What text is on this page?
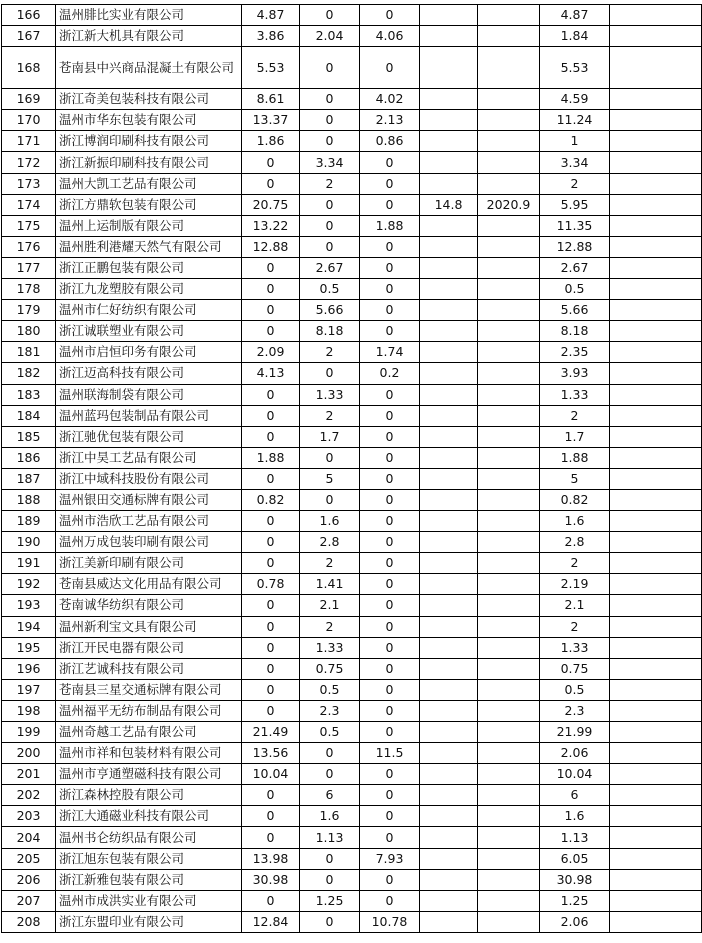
166	温州腓比实业有限公司	4.87	0	0			4.87	
167	浙江新大机具有限公司	3.86	2.04	4.06			1.84	
168	苍南县中兴商品混凝土有限公司	5.53	0	0			5.53	
169	浙江奇美包装科技有限公司	8.61	0	4.02			4.59	
170	温州市华东包装有限公司	13.37	0	2.13			11.24	
171	浙江博润印刷科技有限公司	1.86	0	0.86			1	
172	浙江新振印刷科技有限公司	0	3.34	0			3.34	
173	温州大凯工艺品有限公司	0	2	0			2	
174	浙江方鼎软包装有限公司	20.75	0	0	14.8	2020.9	5.95	
175	温州上运制版有限公司	13.22	0	1.88			11.35	
176	温州胜利港耀天然气有限公司	12.88	0	0			12.88	
177	浙江正鹏包装有限公司	0	2.67	0			2.67	
178	浙江九龙塑胶有限公司	0	0.5	0			0.5	
179	温州市仁好纺织有限公司	0	5.66	0			5.66	
180	浙江诚联塑业有限公司	0	8.18	0			8.18	
181	温州市启恒印务有限公司	2.09	2	1.74			2.35	
182	浙江迈高科技有限公司	4.13	0	0.2			3.93	
183	温州联海制袋有限公司	0	1.33	0			1.33	
184	温州蓝玛包装制品有限公司	0	2	0			2	
185	浙江驰优包装有限公司	0	1.7	0			1.7	
186	浙江中昊工艺品有限公司	1.88	0	0			1.88	
187	浙江中域科技股份有限公司	0	5	0			5	
188	温州银田交通标牌有限公司	0.82	0	0			0.82	
189	温州市浩欣工艺品有限公司	0	1.6	0			1.6	
190	温州万成包装印刷有限公司	0	2.8	0			2.8	
191	浙江美新印刷有限公司	0	2	0			2	
192	苍南县威达文化用品有限公司	0.78	1.41	0			2.19	
193	苍南诚华纺织有限公司	0	2.1	0			2.1	
194	温州新利宝文具有限公司	0	2	0			2	
195	浙江开民电器有限公司	0	1.33	0			1.33	
196	浙江艺诚科技有限公司	0	0.75	0			0.75	
197	苍南县三星交通标牌有限公司	0	0.5	0			0.5	
198	温州福平无纺布制品有限公司	0	2.3	0			2.3	
199	温州奇越工艺品有限公司	21.49	0.5	0			21.99	
200	温州市祥和包装材料有限公司	13.56	0	11.5			2.06	
201	温州市亨通塑磁科技有限公司	10.04	0	0			10.04	
202	浙江森林控股有限公司	0	6	0			6	
203	浙江大通磁业科技有限公司	0	1.6	0			1.6	
204	温州书仑纺织品有限公司	0	1.13	0			1.13	
205	浙江旭东包装有限公司	13.98	0	7.93			6.05	
206	浙江新雅包装有限公司	30.98	0	0			30.98	
207	温州市成洪实业有限公司	0	1.25	0			1.25	
208	浙江东盟印业有限公司	12.84	0	10.78			2.06	
